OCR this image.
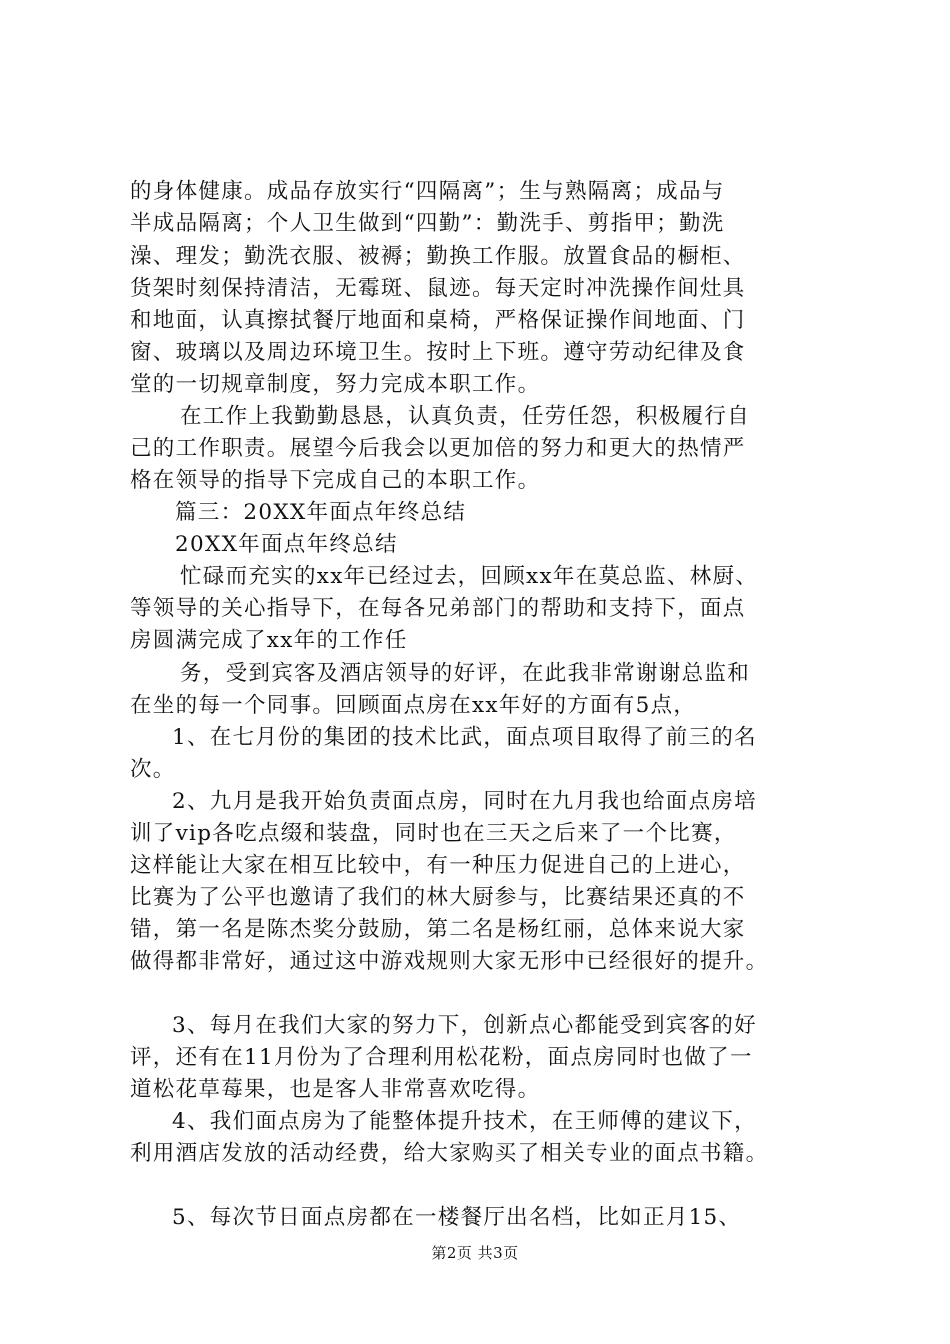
的身体健康。成品存放实行“四隔离”；生与熟隔离；成品与
半成品隔离；个人卫生做到“四勤”：勤洗手、剪指甲；勤洗
澡、理发；勤洗衣服、被褥；勤换工作服。放置食品的橱柜、
货架时刻保持清洁，无霉斑、鼠迹。每天定时冲洗操作间灶具
和地面，认真擦拭餐厅地面和桌椅，严格保证操作间地面、门
窗、玻璃以及周边环境卫生。按时上下班。遵守劳动纪律及食
堂的一切规章制度，努力完成本职工作。
在工作上我勤勤恳恳，认真负责，任劳任怨，积极履行自
己的工作职责。展望今后我会以更加倍的努力和更大的热情严
格在领导的指导下完成自己的本职工作。
篇三：20XX年面点年终总结
20XX年面点年终总结
忙碌而充实的xx年已经过去，回顾xx年在莫总监、林厨、
等领导的关心指导下，在每各兄弟部门的帮助和支持下，面点
房圆满完成了xx年的工作任
务，受到宾客及酒店领导的好评，在此我非常谢谢总监和
在坐的每一个同事。回顾面点房在xx年好的方面有5点，
1、在七月份的集团的技术比武，面点项目取得了前三的名
次。
2、九月是我开始负责面点房，同时在九月我也给面点房培
训了vip各吃点缀和装盘，同时也在三天之后来了一个比赛，
这样能让大家在相互比较中，有一种压力促进自己的上进心，
比赛为了公平也邀请了我们的林大厨参与，比赛结果还真的不
错，第一名是陈杰奖分鼓励，第二名是杨红丽，总体来说大家
做得都非常好，通过这中游戏规则大家无形中已经很好的提升。
3、每月在我们大家的努力下，创新点心都能受到宾客的好
评，还有在11月份为了合理利用松花粉，面点房同时也做了一
道松花草莓果，也是客人非常喜欢吃得。
4、我们面点房为了能整体提升技术，在王师傅的建议下，
利用酒店发放的活动经费，给大家购买了相关专业的面点书籍。
5、每次节日面点房都在一楼餐厅出名档，比如正月15、
第2页 共3页
